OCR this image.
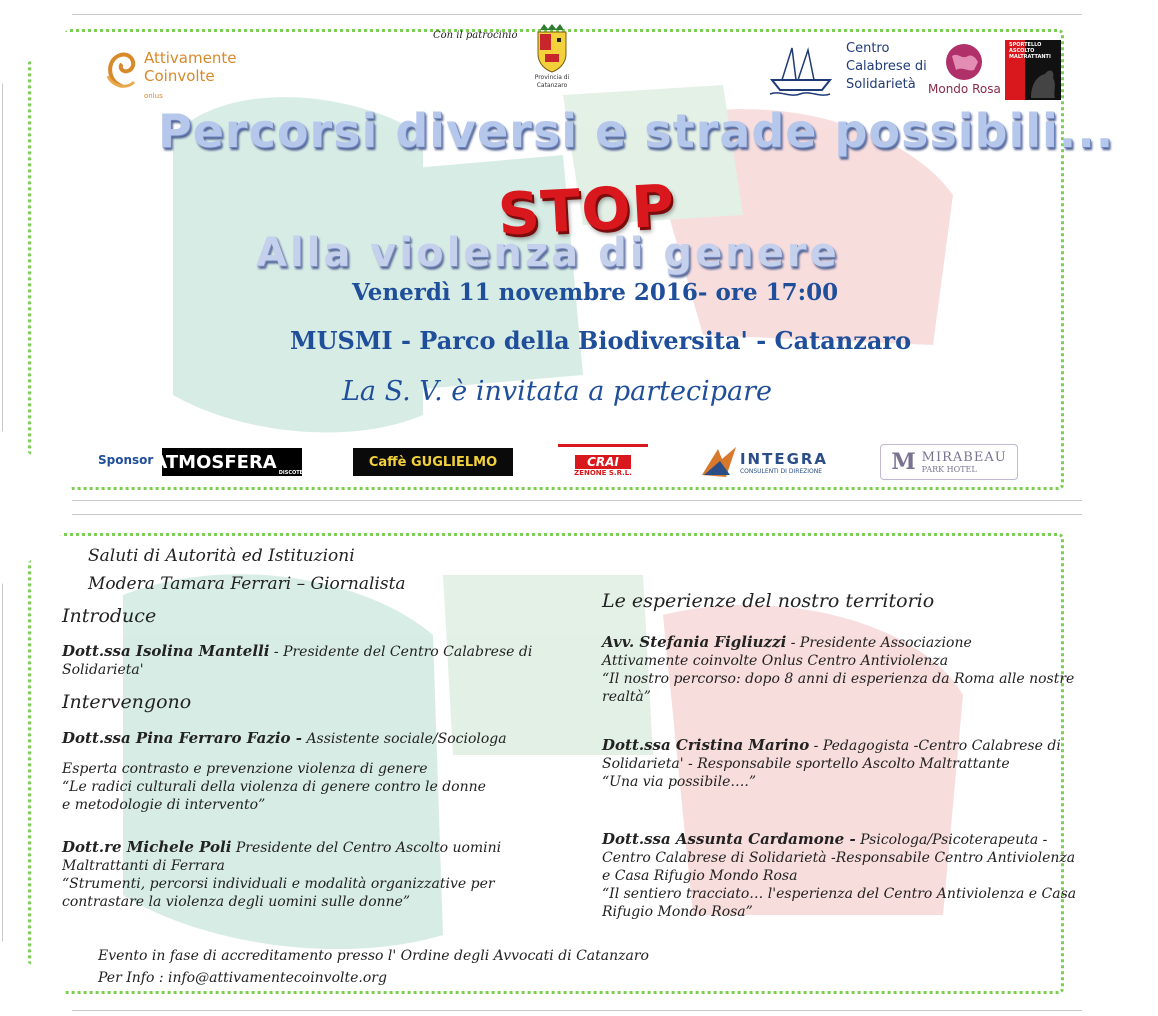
Attivamente
Coinvolte onlus
Con il patrocinio
Provincia di
Catanzaro
Centro
Calabrese di
Solidarietà Mondo Rosa
SPORTELLO
ASCOLTO
MALTRATTANTI
Percorsi diversi e strade possibili...
STOP
Alla violenza di genere
Venerdì 11 novembre 2016- ore 17:00
MUSMI - Parco della Biodiversita' - Catanzaro
La S. V. è invitata a partecipare
Sponsor ATMOSFERA
DISCOTECA
Caffè GUGLIELMO	CRAI
ZENONE S.R.L.
INTEGRA
CONSULENTI DI DIREZIONE	M MIRABEAU
PARK HOTEL
Saluti di Autorità ed Istituzioni
Modera Tamara Ferrari – Giornalista
Introduce
Dott.ssa Isolina Mantelli - Presidente del Centro Calabrese di
Solidarieta'
Intervengono
Dott.ssa Pina Ferraro Fazio - Assistente sociale/Sociologa
Esperta contrasto e prevenzione violenza di genere
“Le radici culturali della violenza di genere contro le donne
e metodologie di intervento”
Dott.re Michele Poli Presidente del Centro Ascolto uomini
Maltrattanti di Ferrara
“Strumenti, percorsi individuali e modalità organizzative per
contrastare la violenza degli uomini sulle donne”
Le esperienze del nostro territorio
Avv. Stefania Figliuzzi - Presidente Associazione
Attivamente coinvolte Onlus Centro Antiviolenza
“Il nostro percorso: dopo 8 anni di esperienza da Roma alle nostre
realtà”
Dott.ssa Cristina Marino - Pedagogista -Centro Calabrese di
Solidarieta' - Responsabile sportello Ascolto Maltrattante
“Una via possibile….”
Dott.ssa Assunta Cardamone - Psicologa/Psicoterapeuta -
Centro Calabrese di Solidarietà -Responsabile Centro Antiviolenza
e Casa Rifugio Mondo Rosa
“Il sentiero tracciato… l'esperienza del Centro Antiviolenza e Casa
Rifugio Mondo Rosa”
Evento in fase di accreditamento presso l' Ordine degli Avvocati di Catanzaro
Per Info : info@attivamentecoinvolte.org
